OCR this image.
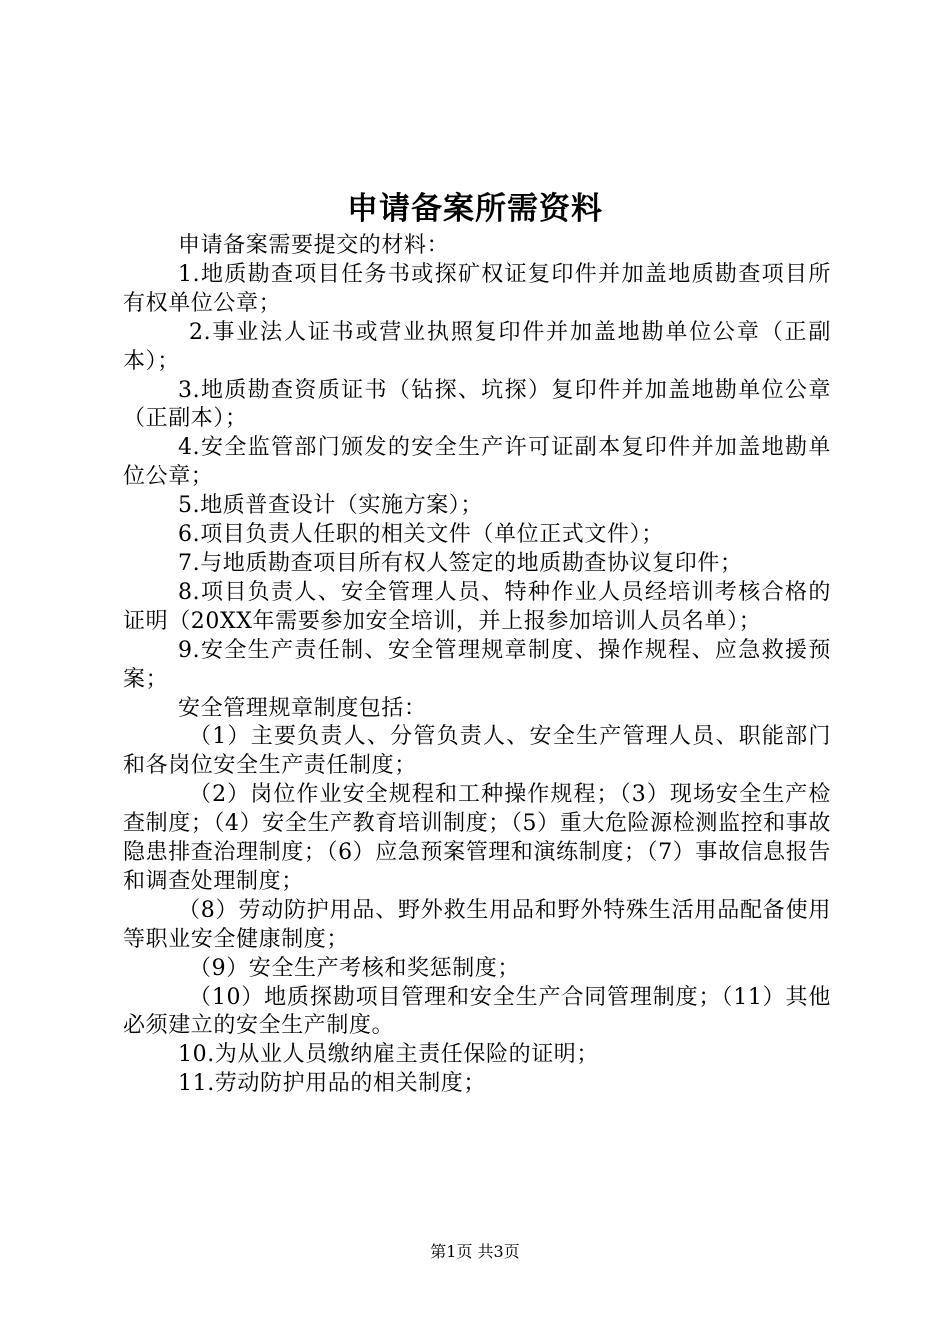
申请备案所需资料

申请备案需要提交的材料：

1.地质勘查项目任务书或探矿权证复印件并加盖地质勘查项目所有权单位公章；

2.事业法人证书或营业执照复印件并加盖地勘单位公章（正副本）；

3.地质勘查资质证书（钻探、坑探）复印件并加盖地勘单位公章（正副本）；

4.安全监管部门颁发的安全生产许可证副本复印件并加盖地勘单位公章；

5.地质普查设计（实施方案）；

6.项目负责人任职的相关文件（单位正式文件）；

7.与地质勘查项目所有权人签定的地质勘查协议复印件；

8.项目负责人、安全管理人员、特种作业人员经培训考核合格的证明（20XX年需要参加安全培训，并上报参加培训人员名单）；

9.安全生产责任制、安全管理规章制度、操作规程、应急救援预案；

安全管理规章制度包括：

（1）主要负责人、分管负责人、安全生产管理人员、职能部门和各岗位安全生产责任制度；

（2）岗位作业安全规程和工种操作规程；（3）现场安全生产检查制度；（4）安全生产教育培训制度；（5）重大危险源检测监控和事故隐患排查治理制度；（6）应急预案管理和演练制度；（7）事故信息报告和调查处理制度；

（8）劳动防护用品、野外救生用品和野外特殊生活用品配备使用等职业安全健康制度；

（9）安全生产考核和奖惩制度；

（10）地质探勘项目管理和安全生产合同管理制度；（11）其他必须建立的安全生产制度。

10.为从业人员缴纳雇主责任保险的证明；

11.劳动防护用品的相关制度；

第1页 共3页
